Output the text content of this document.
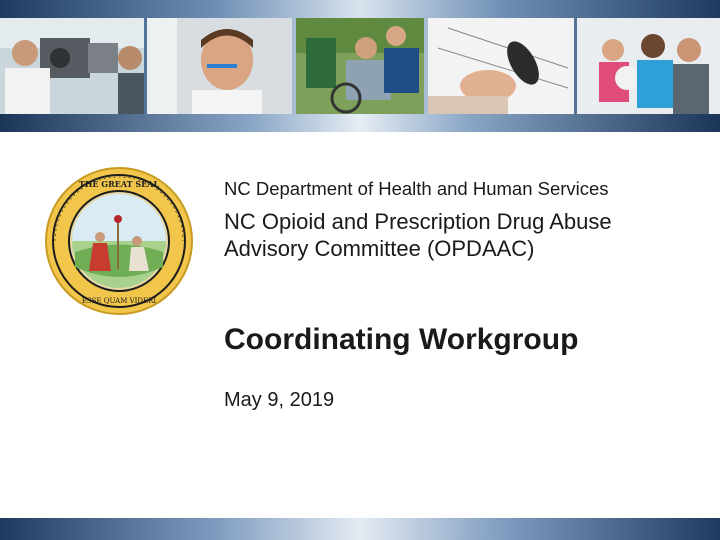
THE GREAT SEAL
ESSE QUAM VIDERI
NC Department of Health and Human Services
NC Opioid and Prescription Drug Abuse Advisory Committee (OPDAAC)
Coordinating Workgroup
May 9, 2019
